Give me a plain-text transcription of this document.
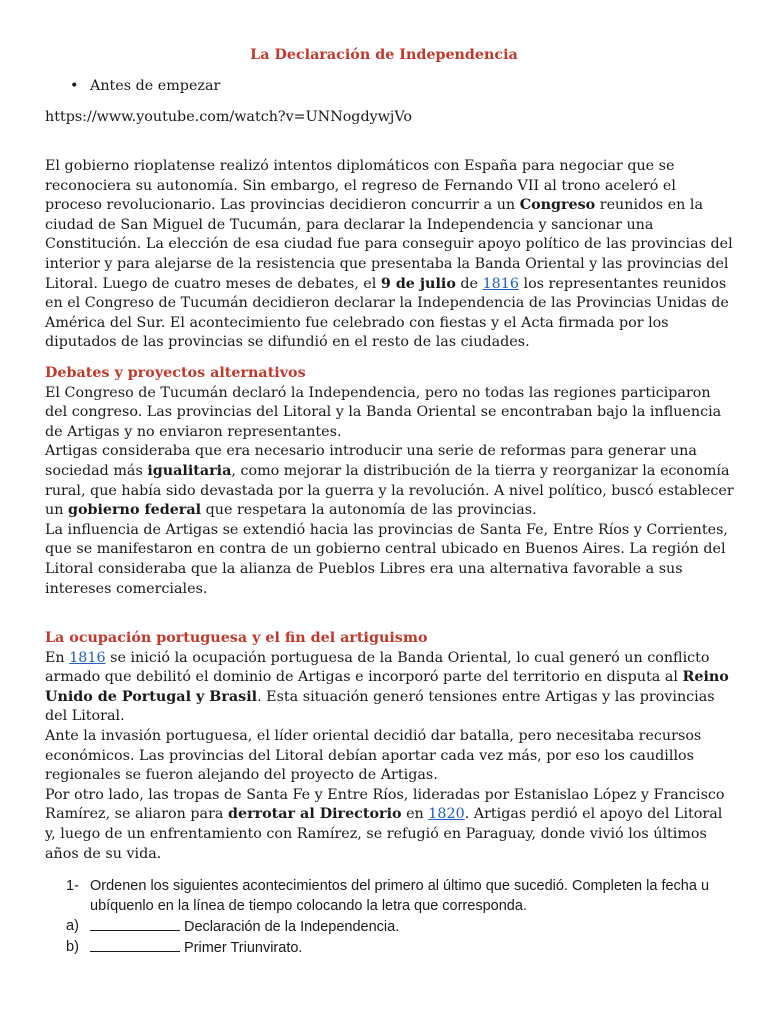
La Declaración de Independencia
• Antes de empezar
https://www.youtube.com/watch?v=UNNogdywjVo

El gobierno rioplatense realizó intentos diplomáticos con España para negociar que se reconociera su autonomía. Sin embargo, el regreso de Fernando VII al trono aceleró el proceso revolucionario. Las provincias decidieron concurrir a un Congreso reunidos en la ciudad de San Miguel de Tucumán, para declarar la Independencia y sancionar una Constitución. La elección de esa ciudad fue para conseguir apoyo político de las provincias del interior y para alejarse de la resistencia que presentaba la Banda Oriental y las provincias del Litoral. Luego de cuatro meses de debates, el 9 de julio de 1816 los representantes reunidos en el Congreso de Tucumán decidieron declarar la Independencia de las Provincias Unidas de América del Sur. El acontecimiento fue celebrado con fiestas y el Acta firmada por los diputados de las provincias se difundió en el resto de las ciudades.

Debates y proyectos alternativos

El Congreso de Tucumán declaró la Independencia, pero no todas las regiones participaron del congreso. Las provincias del Litoral y la Banda Oriental se encontraban bajo la influencia de Artigas y no enviaron representantes.

Artigas consideraba que era necesario introducir una serie de reformas para generar una sociedad más igualitaria, como mejorar la distribución de la tierra y reorganizar la economía rural, que había sido devastada por la guerra y la revolución. A nivel político, buscó establecer un gobierno federal que respetara la autonomía de las provincias.

La influencia de Artigas se extendió hacia las provincias de Santa Fe, Entre Ríos y Corrientes, que se manifestaron en contra de un gobierno central ubicado en Buenos Aires. La región del Litoral consideraba que la alianza de Pueblos Libres era una alternativa favorable a sus intereses comerciales.

La ocupación portuguesa y el fin del artiguismo

En 1816 se inició la ocupación portuguesa de la Banda Oriental, lo cual generó un conflicto armado que debilitó el dominio de Artigas e incorporó parte del territorio en disputa al Reino Unido de Portugal y Brasil. Esta situación generó tensiones entre Artigas y las provincias del Litoral.

Ante la invasión portuguesa, el líder oriental decidió dar batalla, pero necesitaba recursos económicos. Las provincias del Litoral debían aportar cada vez más, por eso los caudillos regionales se fueron alejando del proyecto de Artigas.

Por otro lado, las tropas de Santa Fe y Entre Ríos, lideradas por Estanislao López y Francisco Ramírez, se aliaron para derrotar al Directorio en 1820. Artigas perdió el apoyo del Litoral y, luego de un enfrentamiento con Ramírez, se refugió en Paraguay, donde vivió los últimos años de su vida.

1- Ordenen los siguientes acontecimientos del primero al último que sucedió. Completen la fecha u ubíquenlo en la línea de tiempo colocando la letra que corresponda.
a)	Declaración de la Independencia.
b)	Primer Triunvirato.
